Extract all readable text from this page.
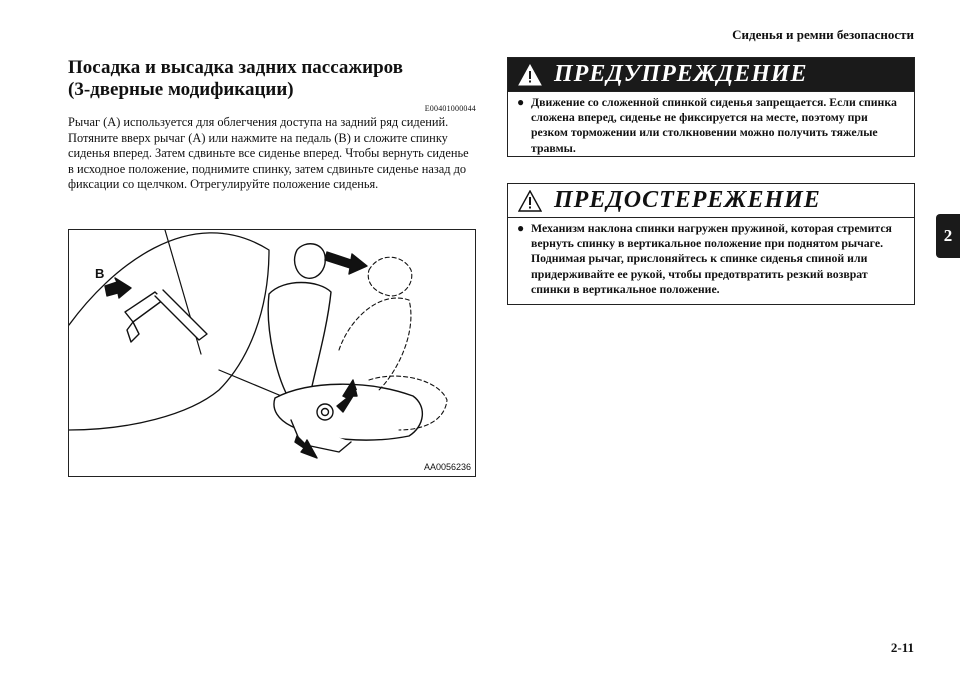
Сиденья и ремни безопасности
2
2-11
Посадка и высадка задних пассажиров
(3-дверные модификации)
E00401000044

Рычаг (A) используется для облегчения доступа на задний ряд сидений.

Потяните вверх рычаг (A) или нажмите на педаль (B) и сложите спинку сиденья вперед. Затем сдвиньте все сиденье вперед. Чтобы вернуть сиденье в исходное положение, поднимите спинку, затем сдвиньте сиденье назад до фиксации со щелчком. Отрегулируйте положение сиденья.

B
A
AA0056236
ПРЕДУПРЕЖДЕНИЕ
● Движение со сложенной спинкой сиденья запрещается. Если спинка сложена вперед, сиденье не фиксируется на месте, поэтому при резком торможении или столкновении можно получить тяжелые травмы.
ПРЕДОСТЕРЕЖЕНИЕ
● Механизм наклона спинки нагружен пружиной, которая стремится вернуть спинку в вертикальное положение при поднятом рычаге. Поднимая рычаг, прислоняйтесь к спинке сиденья спиной или придерживайте ее рукой, чтобы предотвратить резкий возврат спинки в вертикальное положение.
